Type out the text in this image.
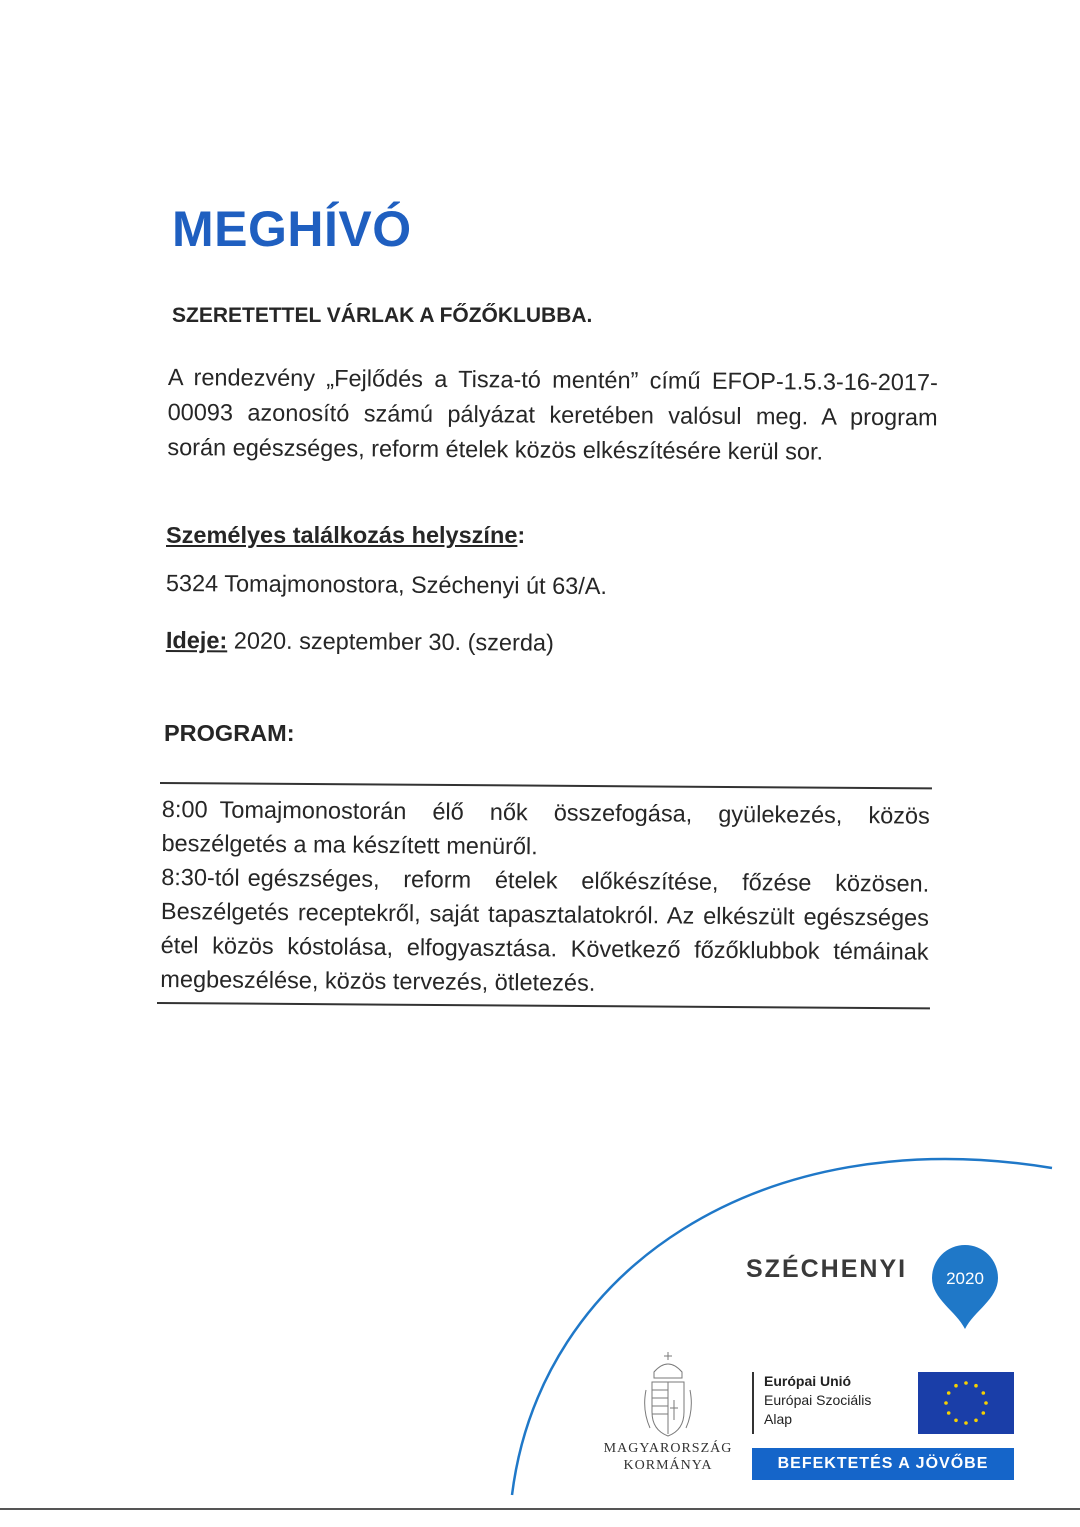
MEGHÍVÓ
SZERETETTEL VÁRLAK A FŐZŐKLUBBA.
A rendezvény „Fejlődés a Tisza-tó mentén” című EFOP-1.5.3-16-2017-00093 azonosító számú pályázat keretében valósul meg. A program során egészséges, reform ételek közös elkészítésére kerül sor.
Személyes találkozás helyszíne:
5324 Tomajmonostora, Széchenyi út 63/A.
Ideje: 2020. szeptember 30. (szerda)
PROGRAM:

8:00 Tomajmonostorán élő nők összefogása, gyülekezés, közös beszélgetés a ma készített menüről.

8:30-tól egészséges, reform ételek előkészítése, főzése közösen. Beszélgetés receptekről, saját tapasztalatokról. Az elkészült egészséges étel közös kóstolása, elfogyasztása. Következő főzőklubbok témáinak megbeszélése, közös tervezés, ötletezés.

SZÉCHENYI 2020
MAGYARORSZÁG
KORMÁNYA
Európai Unió
Európai Szociális
Alap
BEFEKTETÉS A JÖVŐBE
